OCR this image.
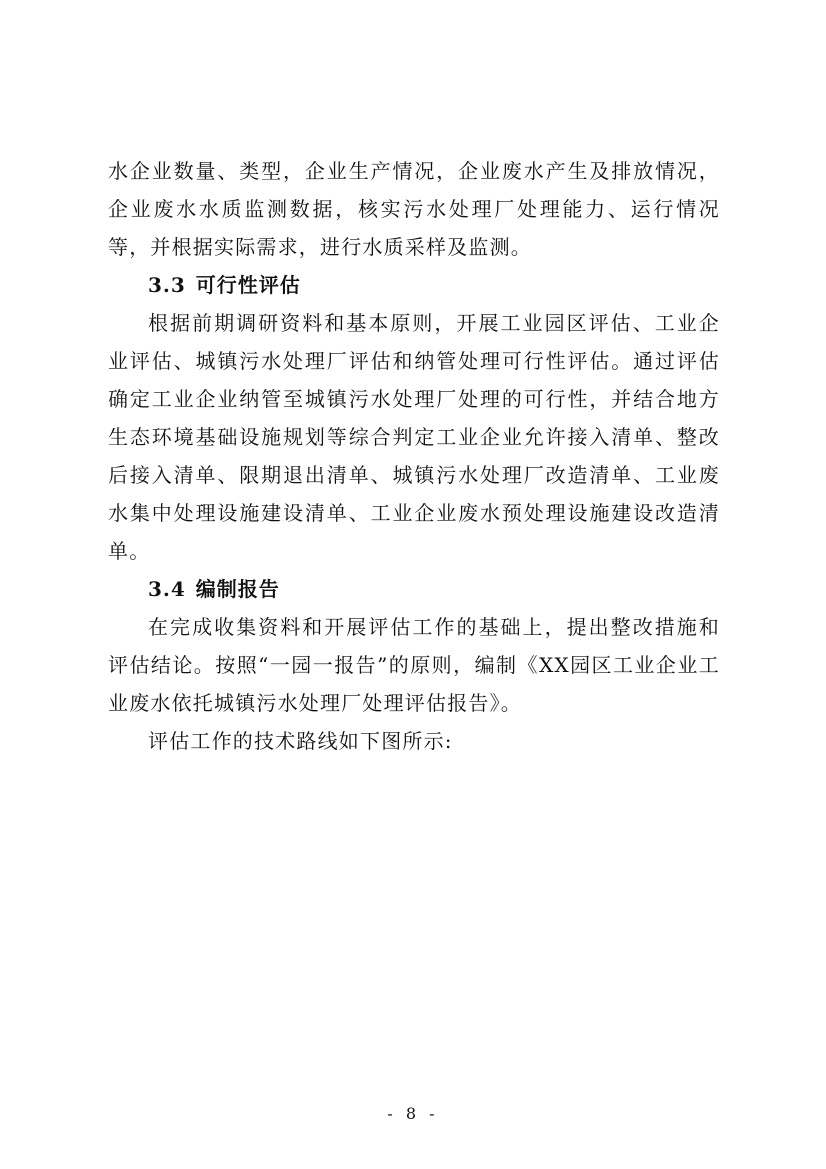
水企业数量、类型，企业生产情况，企业废水产生及排放情况，企业废水水质监测数据，核实污水处理厂处理能力、运行情况等，并根据实际需求，进行水质采样及监测。

3.3 可行性评估

根据前期调研资料和基本原则，开展工业园区评估、工业企业评估、城镇污水处理厂评估和纳管处理可行性评估。通过评估确定工业企业纳管至城镇污水处理厂处理的可行性，并结合地方生态环境基础设施规划等综合判定工业企业允许接入清单、整改后接入清单、限期退出清单、城镇污水处理厂改造清单、工业废水集中处理设施建设清单、工业企业废水预处理设施建设改造清单。

3.4 编制报告

在完成收集资料和开展评估工作的基础上，提出整改措施和评估结论。按照“一园一报告”的原则，编制《XX园区工业企业工业废水依托城镇污水处理厂处理评估报告》。

评估工作的技术路线如下图所示:

- 8 -
